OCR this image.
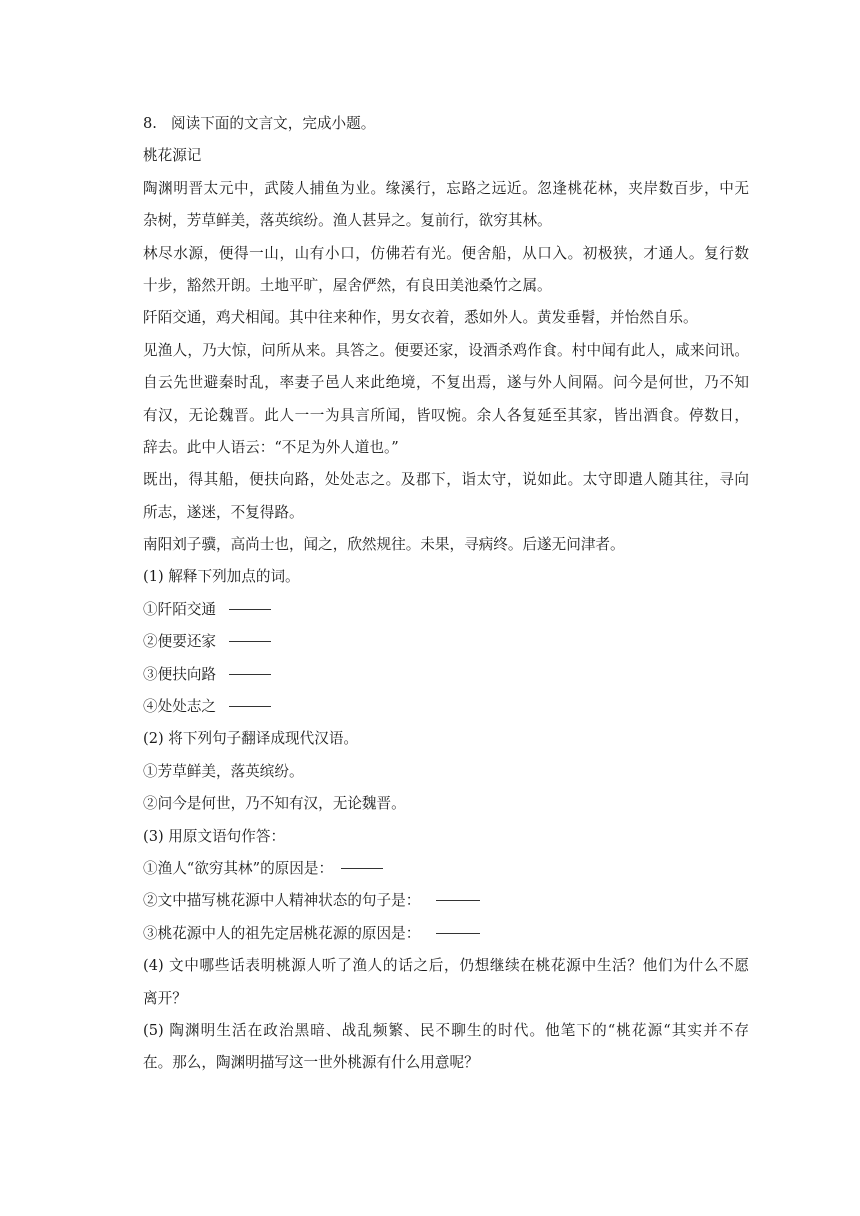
8. 阅读下面的文言文，完成小题。
桃花源记
陶渊明晋太元中，武陵人捕鱼为业。缘溪行，忘路之远近。忽逢桃花林，夹岸数百步，中无
杂树，芳草鲜美，落英缤纷。渔人甚异之。复前行，欲穷其林。
林尽水源，便得一山，山有小口，仿佛若有光。便舍船，从口入。初极狭，才通人。复行数
十步，豁然开朗。土地平旷，屋舍俨然，有良田美池桑竹之属。
阡陌交通，鸡犬相闻。其中往来种作，男女衣着，悉如外人。黄发垂髫，并怡然自乐。
见渔人，乃大惊，问所从来。具答之。便要还家，设酒杀鸡作食。村中闻有此人，咸来问讯。
自云先世避秦时乱，率妻子邑人来此绝境，不复出焉，遂与外人间隔。问今是何世，乃不知
有汉，无论魏晋。此人一一为具言所闻，皆叹惋。余人各复延至其家，皆出酒食。停数日，
辞去。此中人语云：“不足为外人道也。”
既出，得其船，便扶向路，处处志之。及郡下，诣太守，说如此。太守即遣人随其往，寻向
所志，遂迷，不复得路。
南阳刘子骥，高尚士也，闻之，欣然规往。未果，寻病终。后遂无问津者。
(1) 解释下列加点的词。
①阡陌交通
②便要还家
③便扶向路
④处处志之
(2) 将下列句子翻译成现代汉语。
①芳草鲜美，落英缤纷。
②问今是何世，乃不知有汉，无论魏晋。
(3) 用原文语句作答：
①渔人“欲穷其林”的原因是：
②文中描写桃花源中人精神状态的句子是：
③桃花源中人的祖先定居桃花源的原因是：
(4) 文中哪些话表明桃源人听了渔人的话之后，仍想继续在桃花源中生活？他们为什么不愿
离开？
(5) 陶渊明生活在政治黑暗、战乱频繁、民不聊生的时代。他笔下的“桃花源“其实并不存
在。那么，陶渊明描写这一世外桃源有什么用意呢？
